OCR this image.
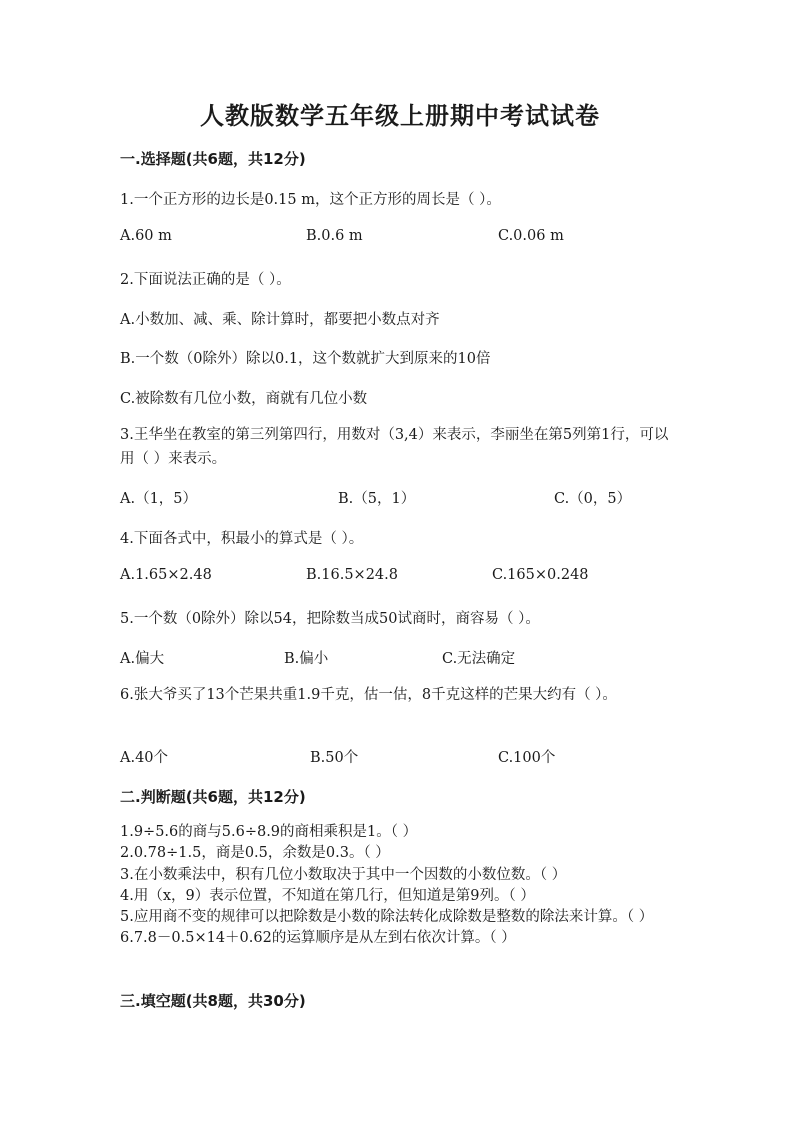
人教版数学五年级上册期中考试试卷
一.选择题(共6题，共12分)
1.一个正方形的边长是0.15 m，这个正方形的周长是（ ）。
A.60 m	B.0.6 m	C.0.06 m
2.下面说法正确的是（ ）。
A.小数加、减、乘、除计算时，都要把小数点对齐
B.一个数（0除外）除以0.1，这个数就扩大到原来的10倍
C.被除数有几位小数，商就有几位小数
3.王华坐在教室的第三列第四行，用数对（3,4）来表示，李丽坐在第5列第1行，可以用（ ）来表示。
A.（1，5）	B.（5，1）	C.（0，5）
4.下面各式中，积最小的算式是（ ）。
A.1.65×2.48	B.16.5×24.8	C.165×0.248
5.一个数（0除外）除以54，把除数当成50试商时，商容易（ ）。
A.偏大	B.偏小	C.无法确定
6.张大爷买了13个芒果共重1.9千克，估一估，8千克这样的芒果大约有（ ）。
A.40个	B.50个	C.100个
二.判断题(共6题，共12分)
1.9÷5.6的商与5.6÷8.9的商相乘积是1。（ ）
2.0.78÷1.5，商是0.5，余数是0.3。（ ）
3.在小数乘法中，积有几位小数取决于其中一个因数的小数位数。（ ）
4.用（x，9）表示位置，不知道在第几行，但知道是第9列。（ ）
5.应用商不变的规律可以把除数是小数的除法转化成除数是整数的除法来计算。（ ）
6.7.8－0.5×14＋0.62的运算顺序是从左到右依次计算。（ ）
三.填空题(共8题，共30分)
